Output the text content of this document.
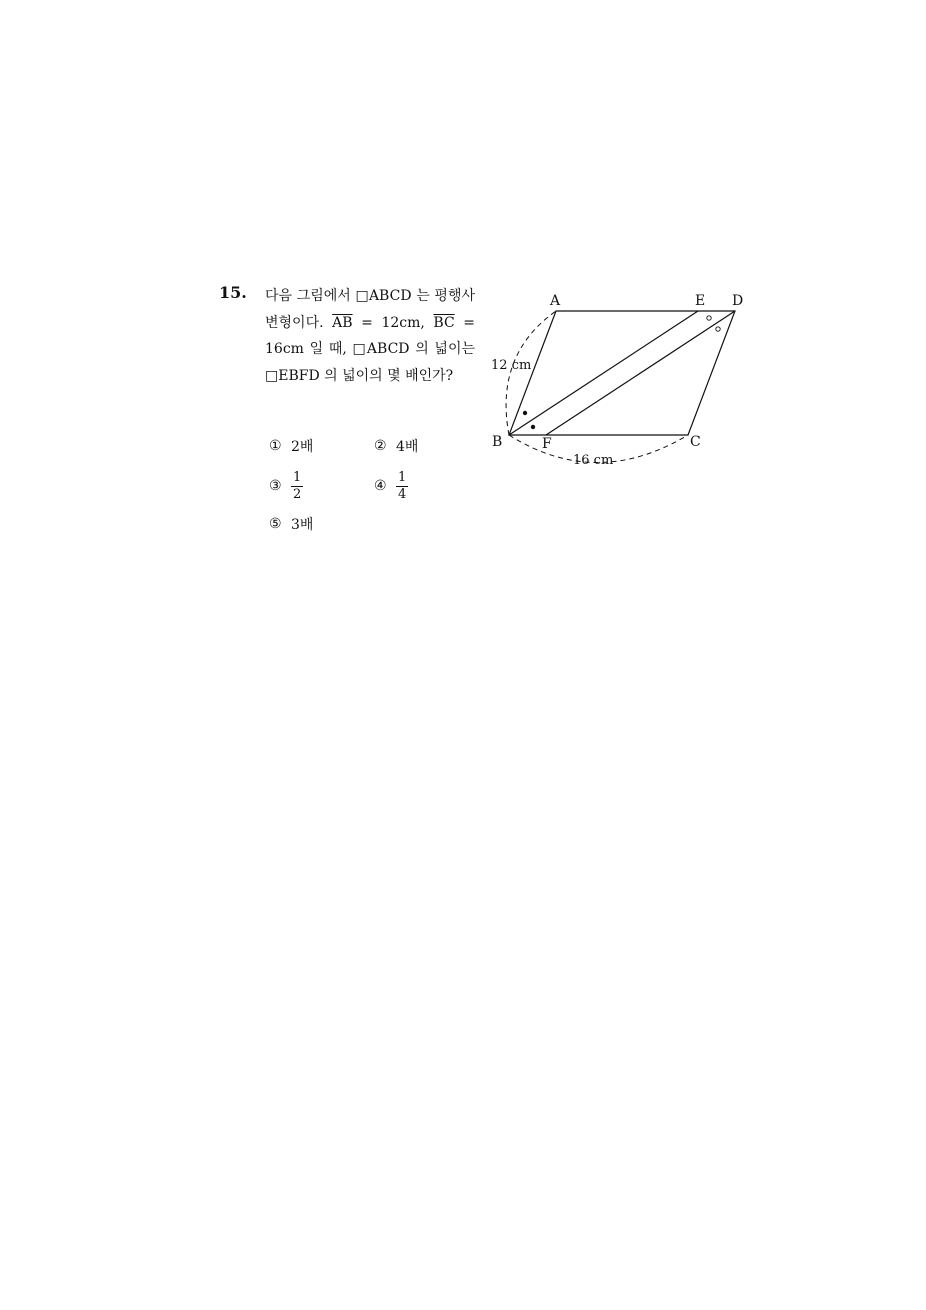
15. 다음 그림에서 □ABCD 는 평행사변형이다. $\overline{AB} = 12cm$, $\overline{BC} = 16cm$ 일 때, □ABCD 의 넓이는 □EBFD 의 넓이의 몇 배인가?
① 2배	② 4배
③ $\frac{1}{2}$	④ $\frac{1}{4}$
⑤ 3배
A	E D
B	F	C
12 cm
16 cm
